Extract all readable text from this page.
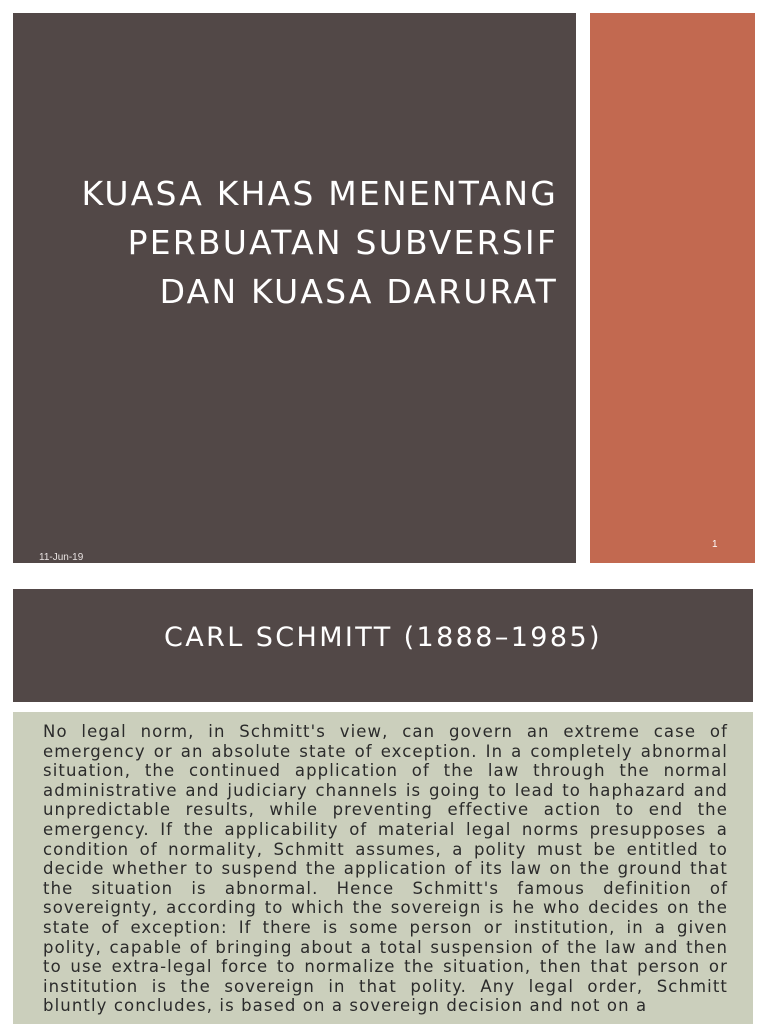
KUASA KHAS MENENTANG
PERBUATAN SUBVERSIF
DAN KUASA DARURAT
11-Jun-19
1
CARL SCHMITT (1888–1985)

No legal norm, in Schmitt's view, can govern an extreme case of emergency or an absolute state of exception. In a completely abnormal situation, the continued application of the law through the normal administrative and judiciary channels is going to lead to haphazard and unpredictable results, while preventing effective action to end the emergency. If the applicability of material legal norms presupposes a condition of normality, Schmitt assumes, a polity must be entitled to decide whether to suspend the application of its law on the ground that the situation is abnormal. Hence Schmitt's famous definition of sovereignty, according to which the sovereign is he who decides on the state of exception: If there is some person or institution, in a given polity, capable of bringing about a total suspension of the law and then to use extra-legal force to normalize the situation, then that person or institution is the sovereign in that polity. Any legal order, Schmitt bluntly concludes, is based on a sovereign decision and not on a
